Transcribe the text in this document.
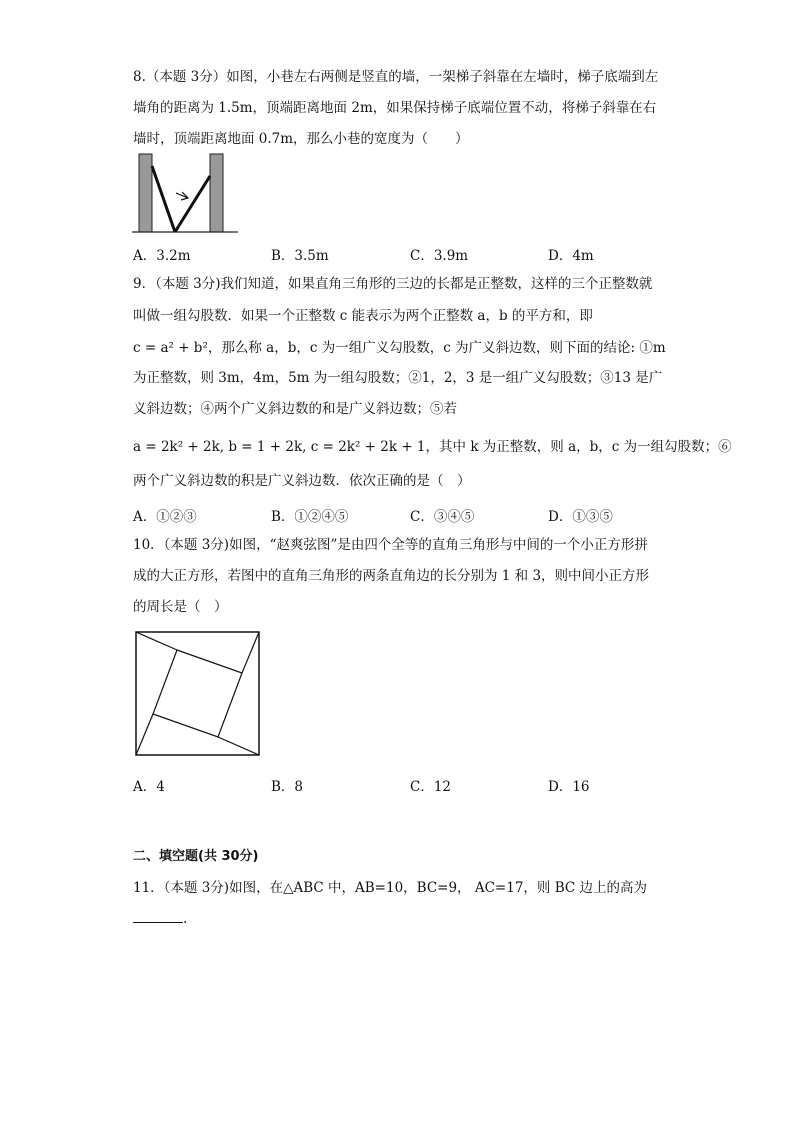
8.（本题 3分）如图，小巷左右两侧是竖直的墙，一架梯子斜靠在左墙时，梯子底端到左
墙角的距离为 1.5m，顶端距离地面 2m，如果保持梯子底端位置不动，将梯子斜靠在右
墙时，顶端距离地面 0.7m，那么小巷的宽度为（　　）
A．3.2m	B．3.5m	C．3.9m	D．4m
9．（本题 3分)我们知道，如果直角三角形的三边的长都是正整数，这样的三个正整数就
叫做一组勾股数．如果一个正整数 c 能表示为两个正整数 a，b 的平方和，即
c = a² + b²，那么称 a，b，c 为一组广义勾股数，c 为广义斜边数，则下面的结论: ①m
为正整数，则 3m，4m，5m 为一组勾股数；②1，2，3 是一组广义勾股数；③13 是广
义斜边数；④两个广义斜边数的和是广义斜边数；⑤若
a = 2k² + 2k, b = 1 + 2k, c = 2k² + 2k + 1，其中 k 为正整数，则 a，b，c 为一组勾股数；⑥
两个广义斜边数的积是广义斜边数．依次正确的是（　）
A．①②③	B．①②④⑤	C．③④⑤	D．①③⑤
10．（本题 3分)如图，“赵爽弦图”是由四个全等的直角三角形与中间的一个小正方形拼
成的大正方形，若图中的直角三角形的两条直角边的长分别为 1 和 3，则中间小正方形
的周长是（　）
A．4	B．8	C．12	D．16
二、填空题(共 30分)
11．（本题 3分)如图，在△ABC 中，AB=10，BC=9， AC=17，则 BC 边上的高为
.
